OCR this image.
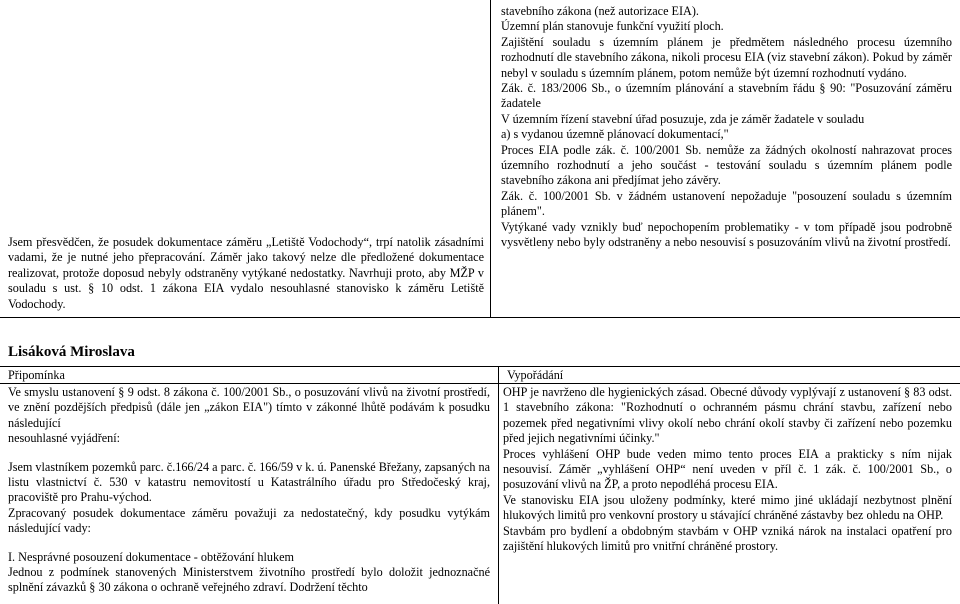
Jsem přesvědčen, že posudek dokumentace záměru „Letiště Vodochody“, trpí natolik zásadními vadami, že je nutné jeho přepracování. Záměr jako takový nelze dle předložené dokumentace realizovat, protože doposud nebyly odstraněny vytýkané nedostatky. Navrhuji proto, aby MŽP v souladu s ust. § 10 odst. 1 zákona EIA vydalo nesouhlasné stanovisko k záměru Letiště Vodochody.

stavebního zákona (než autorizace EIA).

Územní plán stanovuje funkční využití ploch.

Zajištění souladu s územním plánem je předmětem následného procesu územního rozhodnutí dle stavebního zákona, nikoli procesu EIA (viz stavební zákon). Pokud by záměr nebyl v souladu s územním plánem, potom nemůže být územní rozhodnutí vydáno.

Zák. č. 183/2006 Sb., o územním plánování a stavebním řádu § 90: "Posuzování záměru žadatele

V územním řízení stavební úřad posuzuje, zda je záměr žadatele v souladu

a) s vydanou územně plánovací dokumentací,"

Proces EIA podle zák. č. 100/2001 Sb. nemůže za žádných okolností nahrazovat proces územního rozhodnutí a jeho součást - testování souladu s územním plánem podle stavebního zákona ani předjímat jeho závěry.

Zák. č. 100/2001 Sb. v žádném ustanovení nepožaduje "posouzení souladu s územním plánem".

Vytýkané vady vznikly buď nepochopením problematiky - v tom případě jsou podrobně vysvětleny nebo byly odstraněny a nebo nesouvisí s posuzováním vlivů na životní prostředí.

Lisáková Miroslava
Připomínka	Vypořádání

Ve smyslu ustanovení § 9 odst. 8 zákona č. 100/2001 Sb., o posuzování vlivů na životní prostředí, ve znění pozdějších předpisů (dále jen „zákon EIA") tímto v zákonné lhůtě podávám k posudku následující

nesouhlasné vyjádření:

Jsem vlastníkem pozemků parc. č.166/24 a parc. č. 166/59 v k. ú. Panenské Břežany, zapsaných na listu vlastnictví č. 530 v katastru nemovitostí u Katastrálního úřadu pro Středočeský kraj, pracoviště pro Prahu-východ.

Zpracovaný posudek dokumentace záměru považuji za nedostatečný, kdy posudku vytýkám následující vady:

I. Nesprávné posouzení dokumentace - obtěžování hlukem

Jednou z podmínek stanovených Ministerstvem životního prostředí bylo doložit jednoznačné splnění závazků § 30 zákona o ochraně veřejného zdraví. Dodržení těchto

OHP je navrženo dle hygienických zásad. Obecné důvody vyplývají z ustanovení § 83 odst. 1 stavebního zákona: "Rozhodnutí o ochranném pásmu chrání stavbu, zařízení nebo pozemek před negativními vlivy okolí nebo chrání okolí stavby či zařízení nebo pozemku před jejich negativními účinky."

Proces vyhlášení OHP bude veden mimo tento proces EIA a prakticky s ním nijak nesouvisí. Záměr „vyhlášení OHP“ není uveden v příl č. 1 zák. č. 100/2001 Sb., o posuzování vlivů na ŽP, a proto nepodléhá procesu EIA.

Ve stanovisku EIA jsou uloženy podmínky, které mimo jiné ukládají nezbytnost plnění hlukových limitů pro venkovní prostory u stávající chráněné zástavby bez ohledu na OHP.

Stavbám pro bydlení a obdobným stavbám v OHP vzniká nárok na instalaci opatření pro zajištění hlukových limitů pro vnitřní chráněné prostory.
